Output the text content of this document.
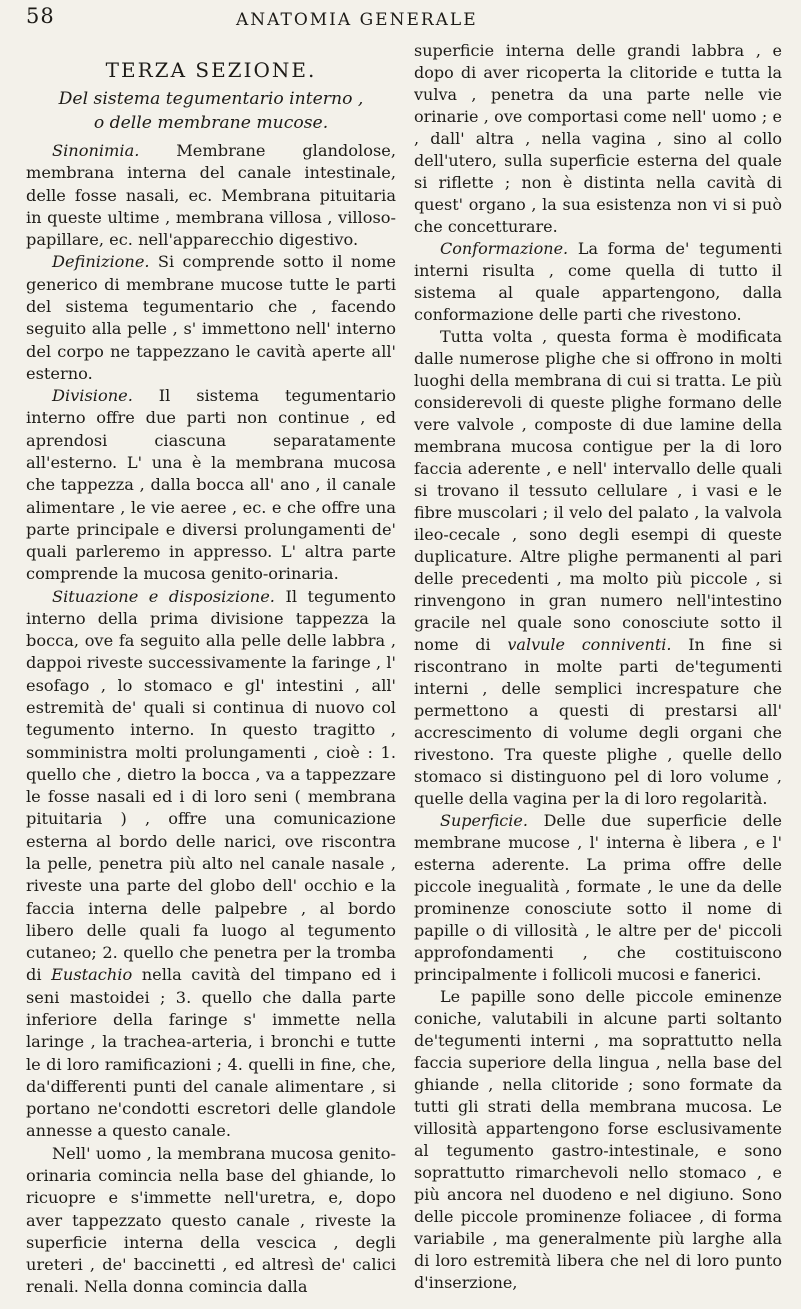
58	ANATOMIA GENERALE
TERZA SEZIONE.
Del sistema tegumentario interno ,
o delle membrane mucose.

Sinonimia. Membrane glandolose, membrana interna del canale intestinale, delle fosse nasali, ec. Membrana pituitaria in queste ultime , membrana villosa , villoso-papillare, ec. nell'apparecchio digestivo.

Definizione. Si comprende sotto il nome generico di membrane mucose tutte le parti del sistema tegumentario che , facendo seguito alla pelle , s' immettono nell' interno del corpo ne tappezzano le cavità aperte all' esterno.

Divisione. Il sistema tegumentario interno offre due parti non continue , ed aprendosi ciascuna separatamente all'esterno. L' una è la membrana mucosa che tappezza , dalla bocca all' ano , il canale alimentare , le vie aeree , ec. e che offre una parte principale e diversi prolungamenti de' quali parleremo in appresso. L' altra parte comprende la mucosa genito-orinaria.

Situazione e disposizione. Il tegumento interno della prima divisione tappezza la bocca, ove fa seguito alla pelle delle labbra , dappoi riveste successivamente la faringe , l' esofago , lo stomaco e gl' intestini , all' estremità de' quali si continua di nuovo col tegumento interno. In questo tragitto , somministra molti prolungamenti , cioè : 1. quello che , dietro la bocca , va a tappezzare le fosse nasali ed i di loro seni ( membrana pituitaria ) , offre una comunicazione esterna al bordo delle narici, ove riscontra la pelle, penetra più alto nel canale nasale , riveste una parte del globo dell' occhio e la faccia interna delle palpebre , al bordo libero delle quali fa luogo al tegumento cutaneo; 2. quello che penetra per la tromba di Eustachio nella cavità del timpano ed i seni mastoidei ; 3. quello che dalla parte inferiore della faringe s' immette nella laringe , la trachea-arteria, i bronchi e tutte le di loro ramificazioni ; 4. quelli in fine, che, da'differenti punti del canale alimentare , si portano ne'condotti escretori delle glandole annesse a questo canale.

Nell' uomo , la membrana mucosa genito-orinaria comincia nella base del ghiande, lo ricuopre e s'immette nell'uretra, e, dopo aver tappezzato questo canale , riveste la superficie interna della vescica , degli ureteri , de' baccinetti , ed altresì de' calici renali. Nella donna comincia dalla

superficie interna delle grandi labbra , e dopo di aver ricoperta la clitoride e tutta la vulva , penetra da una parte nelle vie orinarie , ove comportasi come nell' uomo ; e , dall' altra , nella vagina , sino al collo dell'utero, sulla superficie esterna del quale si riflette ; non è distinta nella cavità di quest' organo , la sua esistenza non vi si può che concetturare.

Conformazione. La forma de' tegumenti interni risulta , come quella di tutto il sistema al quale appartengono, dalla conformazione delle parti che rivestono.

Tutta volta , questa forma è modificata dalle numerose plighe che si offrono in molti luoghi della membrana di cui si tratta. Le più considerevoli di queste plighe formano delle vere valvole , composte di due lamine della membrana mucosa contigue per la di loro faccia aderente , e nell' intervallo delle quali si trovano il tessuto cellulare , i vasi e le fibre muscolari ; il velo del palato , la valvola ileo-cecale , sono degli esempi di queste duplicature. Altre plighe permanenti al pari delle precedenti , ma molto più piccole , si rinvengono in gran numero nell'intestino gracile nel quale sono conosciute sotto il nome di valvule conniventi. In fine si riscontrano in molte parti de'tegumenti interni , delle semplici increspature che permettono a questi di prestarsi all' accrescimento di volume degli organi che rivestono. Tra queste plighe , quelle dello stomaco si distinguono pel di loro volume , quelle della vagina per la di loro regolarità.

Superficie. Delle due superficie delle membrane mucose , l' interna è libera , e l' esterna aderente. La prima offre delle piccole inegualità , formate , le une da delle prominenze conosciute sotto il nome di papille o di villosità , le altre per de' piccoli approfondamenti , che costituiscono principalmente i follicoli mucosi e fanerici.

Le papille sono delle piccole eminenze coniche, valutabili in alcune parti soltanto de'tegumenti interni , ma soprattutto nella faccia superiore della lingua , nella base del ghiande , nella clitoride ; sono formate da tutti gli strati della membrana mucosa. Le villosità appartengono forse esclusivamente al tegumento gastro-intestinale, e sono soprattutto rimarchevoli nello stomaco , e più ancora nel duodeno e nel digiuno. Sono delle piccole prominenze foliacee , di forma variabile , ma generalmente più larghe alla di loro estremità libera che nel di loro punto d'inserzione,
